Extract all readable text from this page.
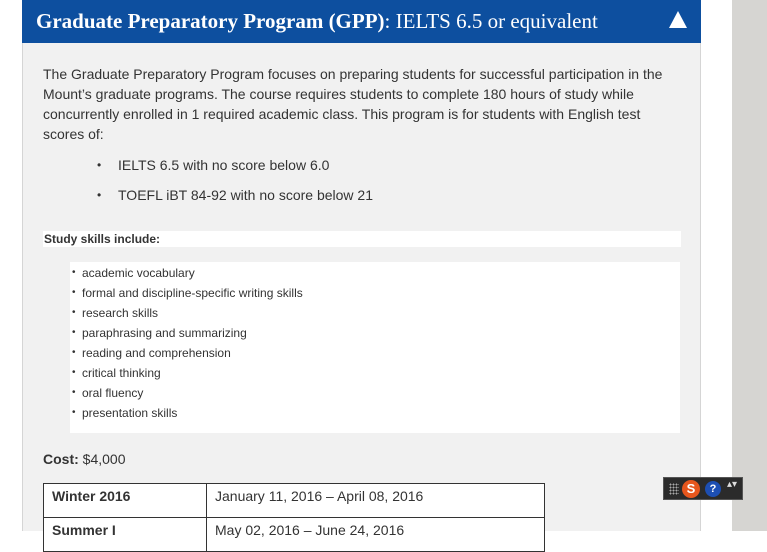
Graduate Preparatory Program (GPP): IELTS 6.5 or equivalent

The Graduate Preparatory Program focuses on preparing students for successful participation in the Mount’s graduate programs. The course requires students to complete 180 hours of study while concurrently enrolled in 1 required academic class. This program is for students with English test scores of:

• IELTS 6.5 with no score below 6.0
• TOEFL iBT 84-92 with no score below 21
Study skills include:
• academic vocabulary
• formal and discipline-specific writing skills
• research skills
• paraphrasing and summarizing
• reading and comprehension
• critical thinking
• oral fluency
• presentation skills
Cost: $4,000
Winter 2016	January 11, 2016 – April 08, 2016
Summer I	May 02, 2016 – June 24, 2016
S	?	▴▾
